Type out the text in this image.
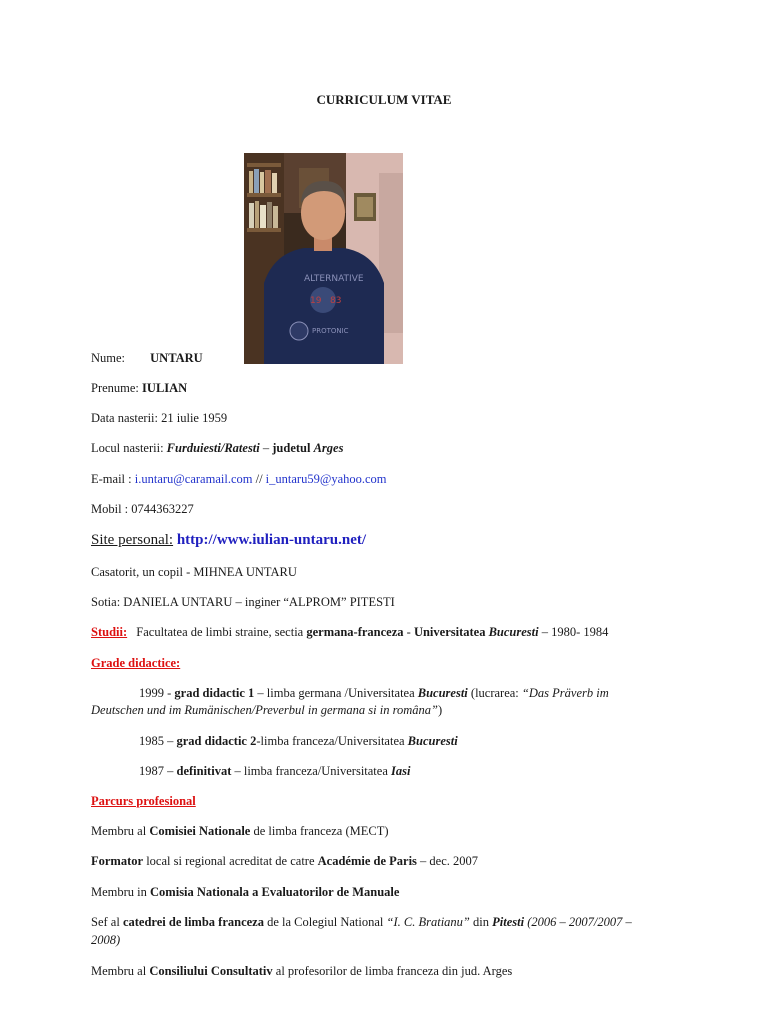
CURRICULUM VITAE
ALTERNATIVE
19 83
PROTONIC
Nume: UNTARU
Prenume: IULIAN
Data nasterii: 21 iulie 1959
Locul nasterii: Furduiesti/Ratesti – judetul Arges
E-mail : i.untaru@caramail.com // i_untaru59@yahoo.com
Mobil : 0744363227
Site personal: http://www.iulian-untaru.net/
Casatorit, un copil - MIHNEA UNTARU
Sotia: DANIELA UNTARU – inginer “ALPROM” PITESTI
Studii: Facultatea de limbi straine, sectia germana-franceza - Universitatea Bucuresti – 1980- 1984
Grade didactice:
1999 - grad didactic 1 – limba germana /Universitatea Bucuresti (lucrarea: “Das Präverb im
Deutschen und im Rumänischen/Preverbul in germana si in româna”)
1985 – grad didactic 2-limba franceza/Universitatea Bucuresti
1987 – definitivat – limba franceza/Universitatea Iasi
Parcurs profesional
Membru al Comisiei Nationale de limba franceza (MECT)
Formator local si regional acreditat de catre Académie de Paris – dec. 2007
Membru in Comisia Nationala a Evaluatorilor de Manuale
Sef al catedrei de limba franceza de la Colegiul National “I. C. Bratianu” din Pitesti (2006 – 2007/2007 –
2008)
Membru al Consiliului Consultativ al profesorilor de limba franceza din jud. Arges
